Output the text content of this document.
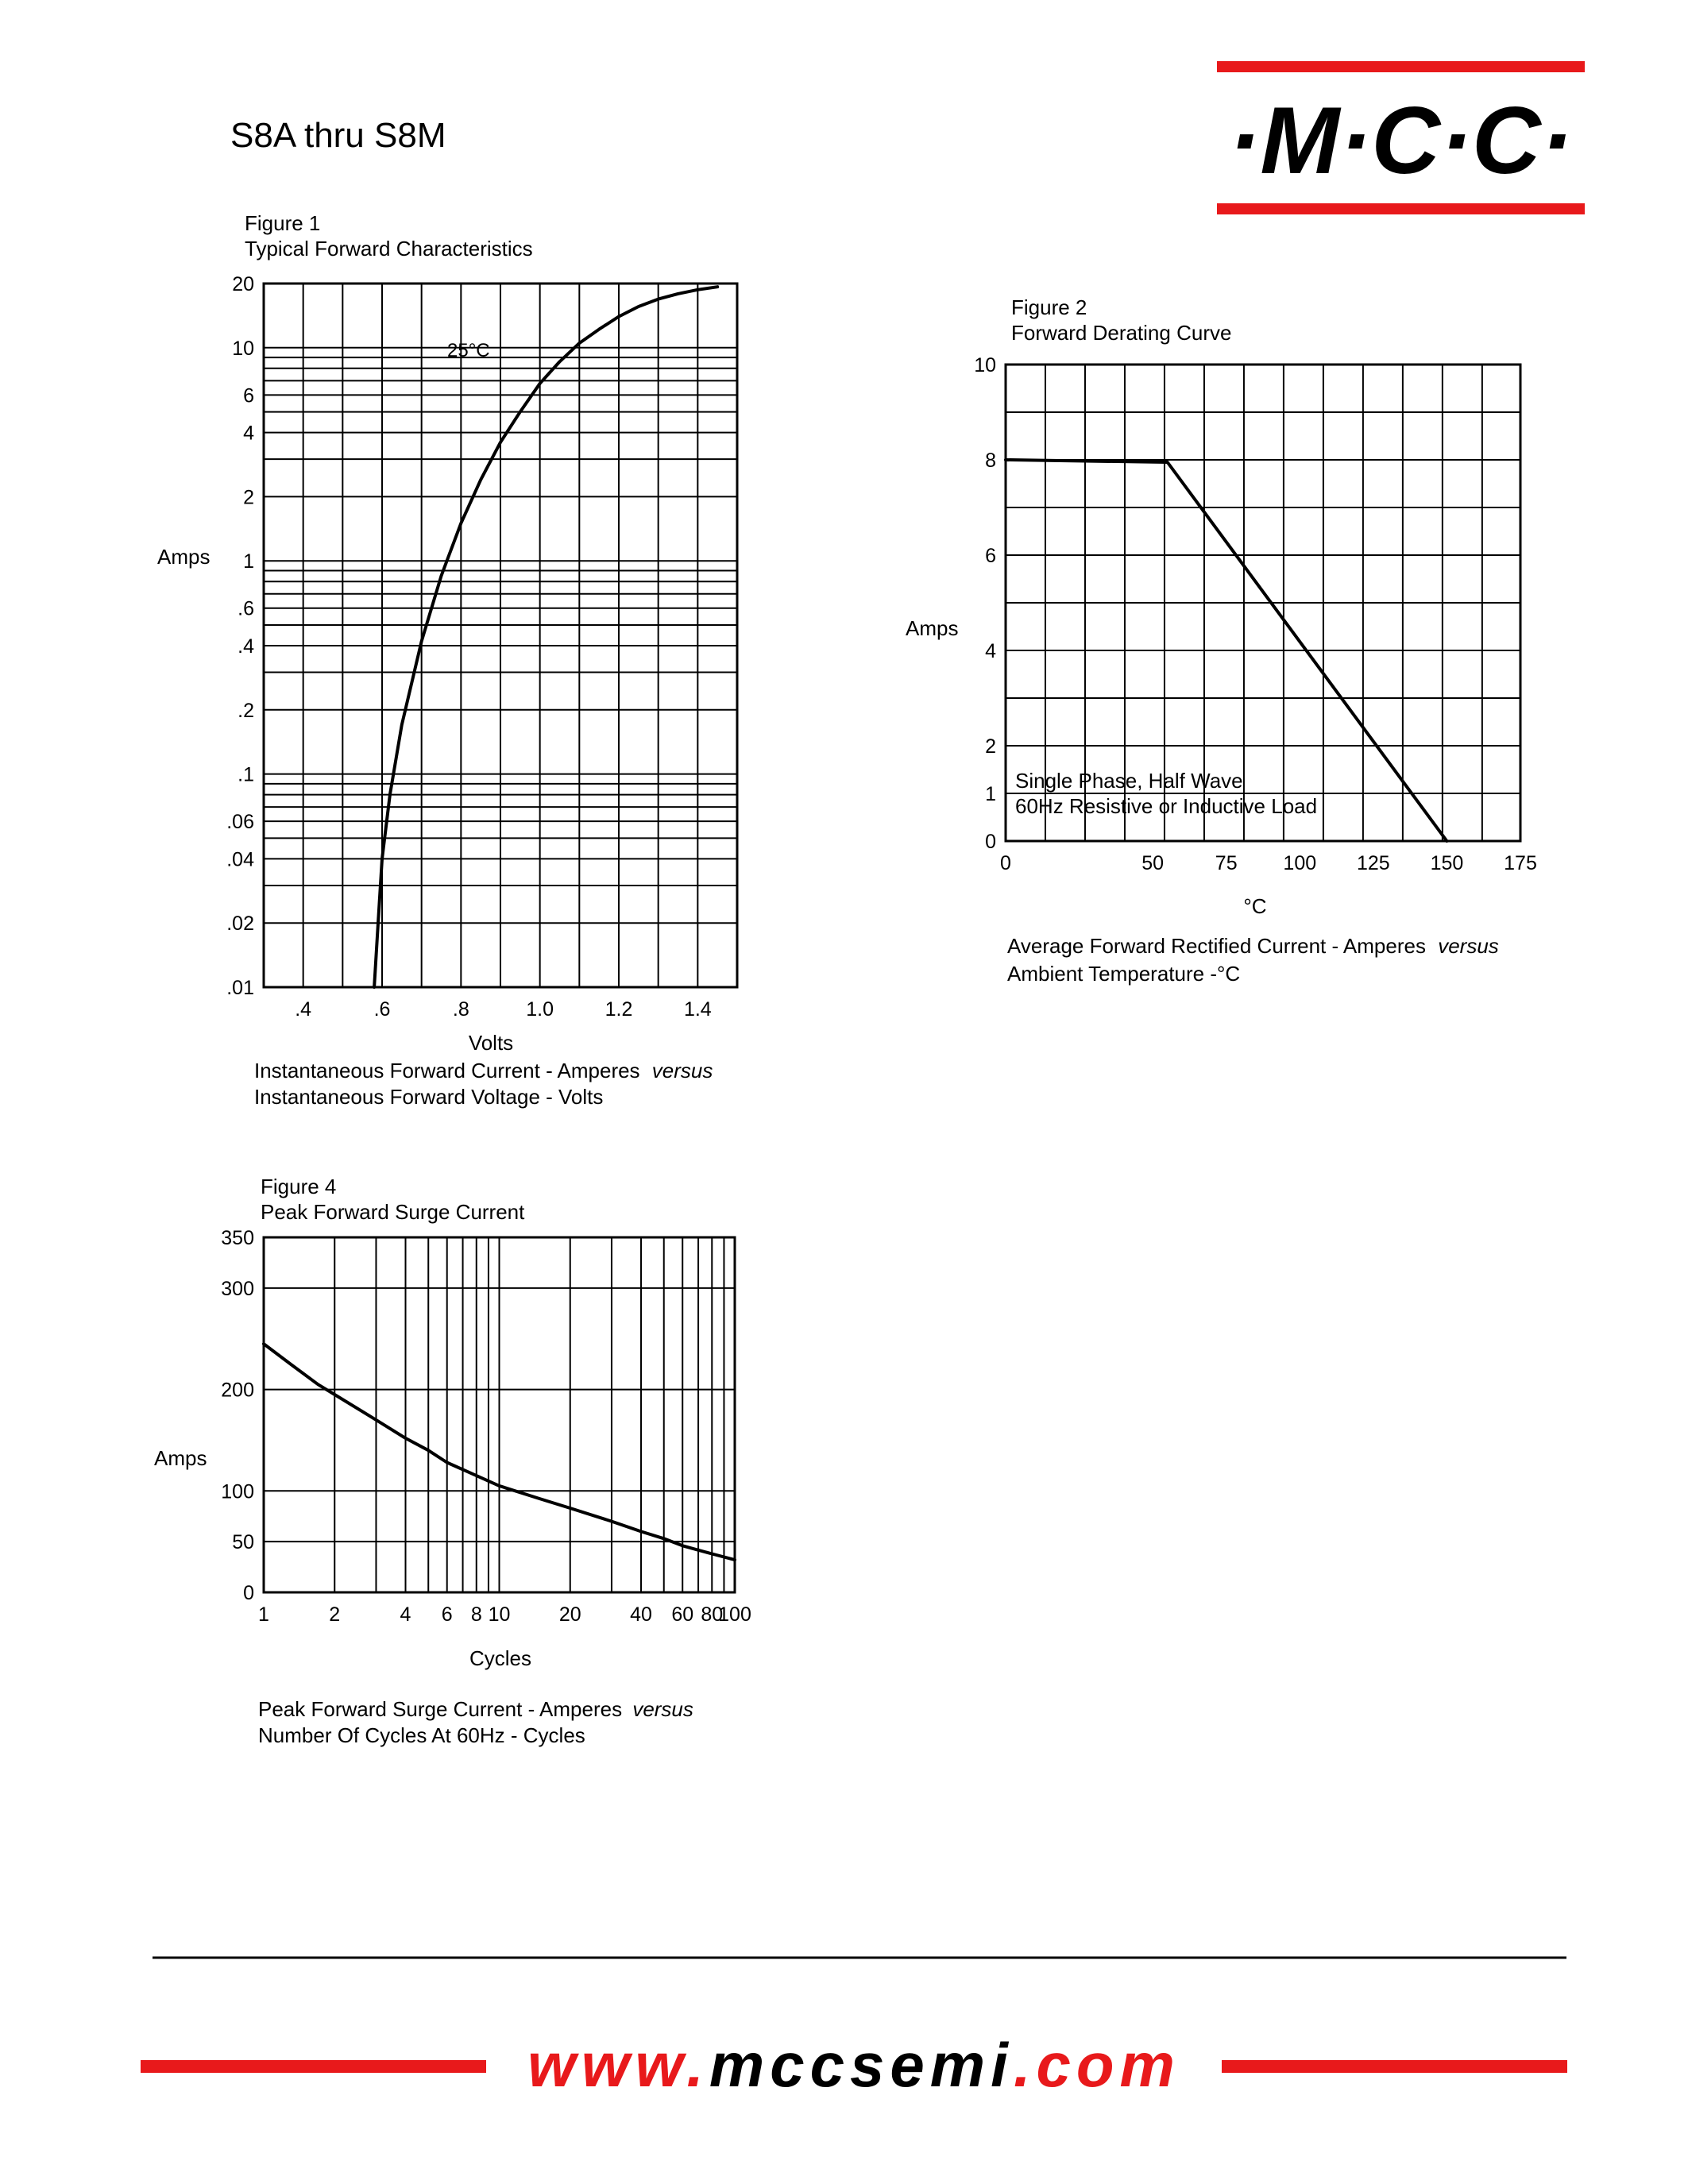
S8A thru S8M	·M·C·C·
Figure 1
Typical Forward Characteristics
.4	.6	.8	1.0	1.2	1.4
20
10
6
4
2
1
.6
.4
.2
.1
.06
.04
.02
.01
25°C
Amps
Volts
Instantaneous Forward Current - Amperes versus
Instantaneous Forward Voltage - Volts
Figure 2
Forward Derating Curve
0	50	75 100 125 150 175
10
8
6
4
2
1
0
Single Phase, Half Wave
60Hz Resistive or Inductive Load
Amps
°C
Average Forward Rectified Current - Amperes versus
Ambient Temperature -°C
Figure 4
Peak Forward Surge Current
1	2	4 6 8 10 20 40 60 80
100
350
300
200
100
50
0
Amps
Cycles
Peak Forward Surge Current - Amperes versus
Number Of Cycles At 60Hz - Cycles
www.mccsemi.com
